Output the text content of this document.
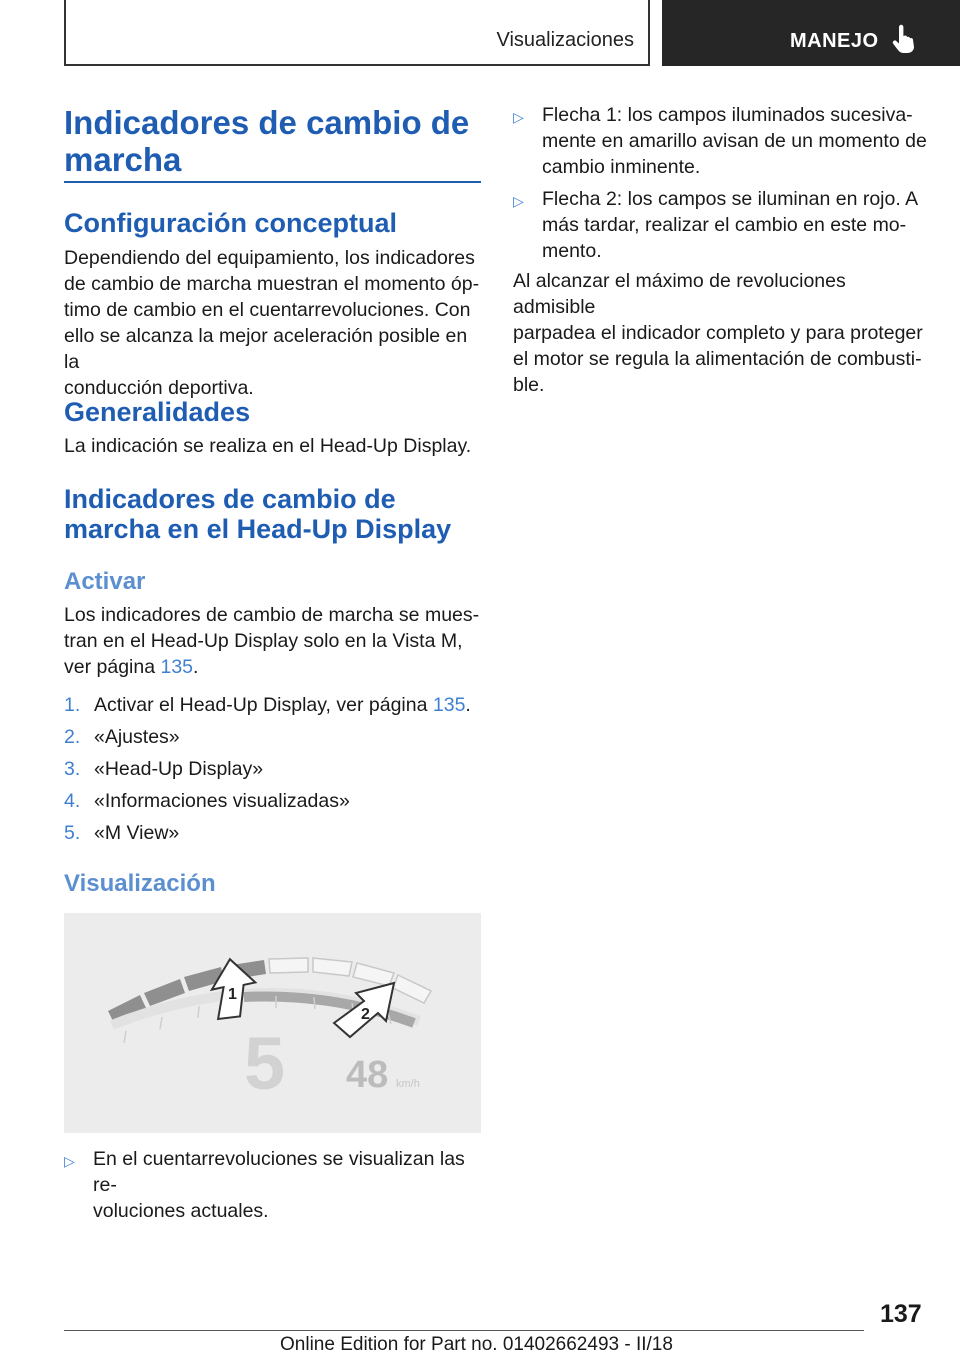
Visualizaciones	MANEJO
Indicadores de cambio de
marcha
Configuración conceptual
Dependiendo del equipamiento, los indicadores
de cambio de marcha muestran el momento óp-
timo de cambio en el cuentarrevoluciones. Con
ello se alcanza la mejor aceleración posible en la
conducción deportiva.
Generalidades
La indicación se realiza en el Head-Up Display.
Indicadores de cambio de
marcha en el Head-Up Display
Activar
Los indicadores de cambio de marcha se mues-
tran en el Head-Up Display solo en la Vista M,
ver página 135.
1. Activar el Head-Up Display, ver página 135.
2. «Ajustes»
3. «Head-Up Display»
4. «Informaciones visualizadas»
5. «M View»
Visualización
1
2
5 48 km/h
▷ En el cuentarrevoluciones se visualizan las re-
voluciones actuales.
▷ Flecha 1: los campos iluminados sucesiva-
mente en amarillo avisan de un momento de
cambio inminente.
▷ Flecha 2: los campos se iluminan en rojo. A
más tardar, realizar el cambio en este mo-
mento.
Al alcanzar el máximo de revoluciones admisible
parpadea el indicador completo y para proteger
el motor se regula la alimentación de combusti-
ble.
137
Online Edition for Part no. 01402662493 - II/18
